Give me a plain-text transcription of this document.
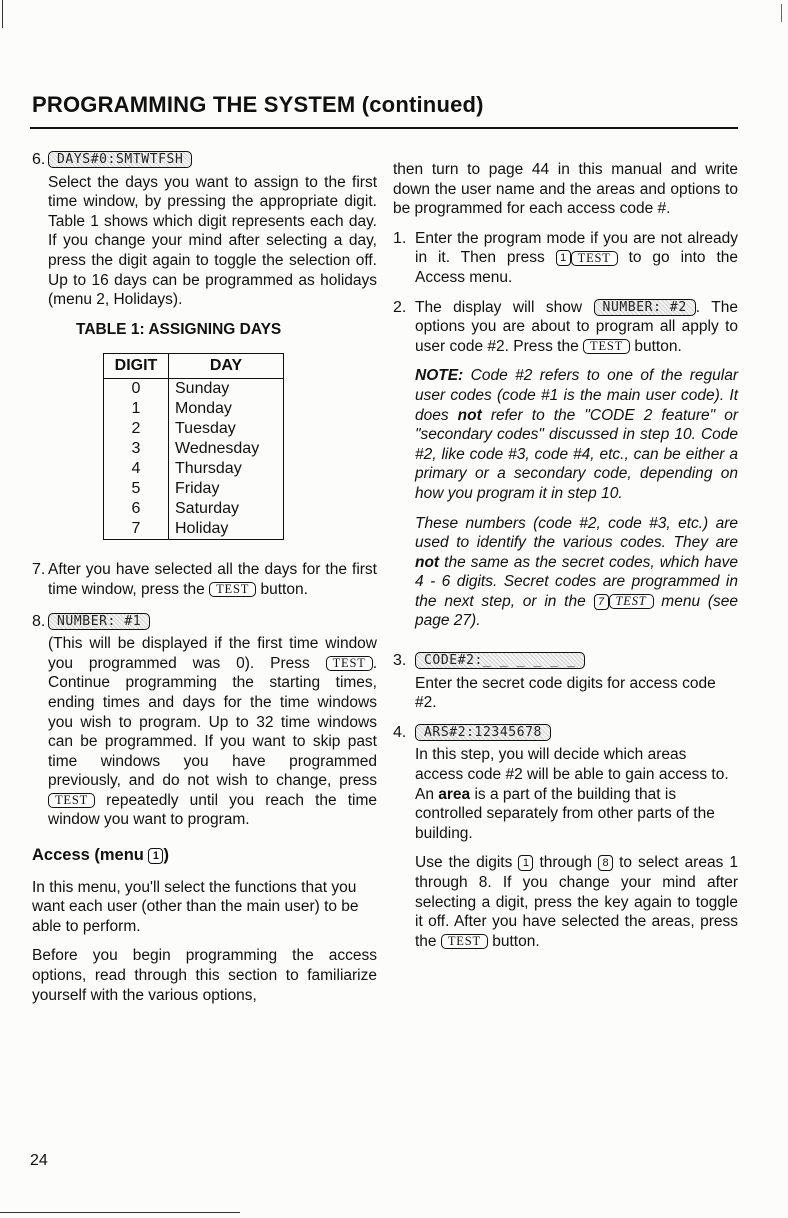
PROGRAMMING THE SYSTEM (continued)
6. DAYS#0:SMTWTFSH
Select the days you want to assign to the first time window, by pressing the appropriate digit. Table 1 shows which digit represents each day. If you change your mind after selecting a day, press the digit again to toggle the selection off. Up to 16 days can be programmed as holidays (menu 2, Holidays).
TABLE 1: ASSIGNING DAYS
DIGIT	DAY
0	Sunday
1	Monday
2	Tuesday
3	Wednesday
4	Thursday
5	Friday
6	Saturday
7	Holiday
7. After you have selected all the days for the first time window, press the TEST button.
8. NUMBER: #1
(This will be displayed if the first time window you programmed was 0). Press TEST . Continue programming the starting times, ending times and days for the time windows you wish to program. Up to 32 time windows can be programmed. If you want to skip past time windows you have programmed previously, and do not wish to change, press TEST repeatedly until you reach the time window you want to program.
Access (menu 1 )

In this menu, you'll select the functions that you want each user (other than the main user) to be able to perform.

Before you begin programming the access options, read through this section to familiarize yourself with the various options,

then turn to page 44 in this manual and write down the user name and the areas and options to be programmed for each access code #.

1. Enter the program mode if you are not already in it. Then press 1 TEST to go into the Access menu.
2. The display will show NUMBER: #2 . The options you are about to program all apply to user code #2. Press the TEST button.

NOTE: Code #2 refers to one of the regular user codes (code #1 is the main user code). It does not refer to the "CODE 2 feature" or "secondary codes" discussed in step 10. Code #2, like code #3, code #4, etc., can be either a primary or a secondary code, depending on how you program it in step 10.

These numbers (code #2, code #3, etc.) are used to identify the various codes. They are not the same as the secret codes, which have 4 - 6 digits. Secret codes are programmed in the next step, or in the 7 TEST menu (see page 27).

3.	CODE#2:_ _ _ _ _ _
Enter the secret code digits for access code #2.
4.	ARS#2:12345678

In this step, you will decide which areas access code #2 will be able to gain access to. An area is a part of the building that is controlled separately from other parts of the building.

Use the digits 1 through 8 to select areas 1 through 8. If you change your mind after selecting a digit, press the key again to toggle it off. After you have selected the areas, press the TEST button.

24
